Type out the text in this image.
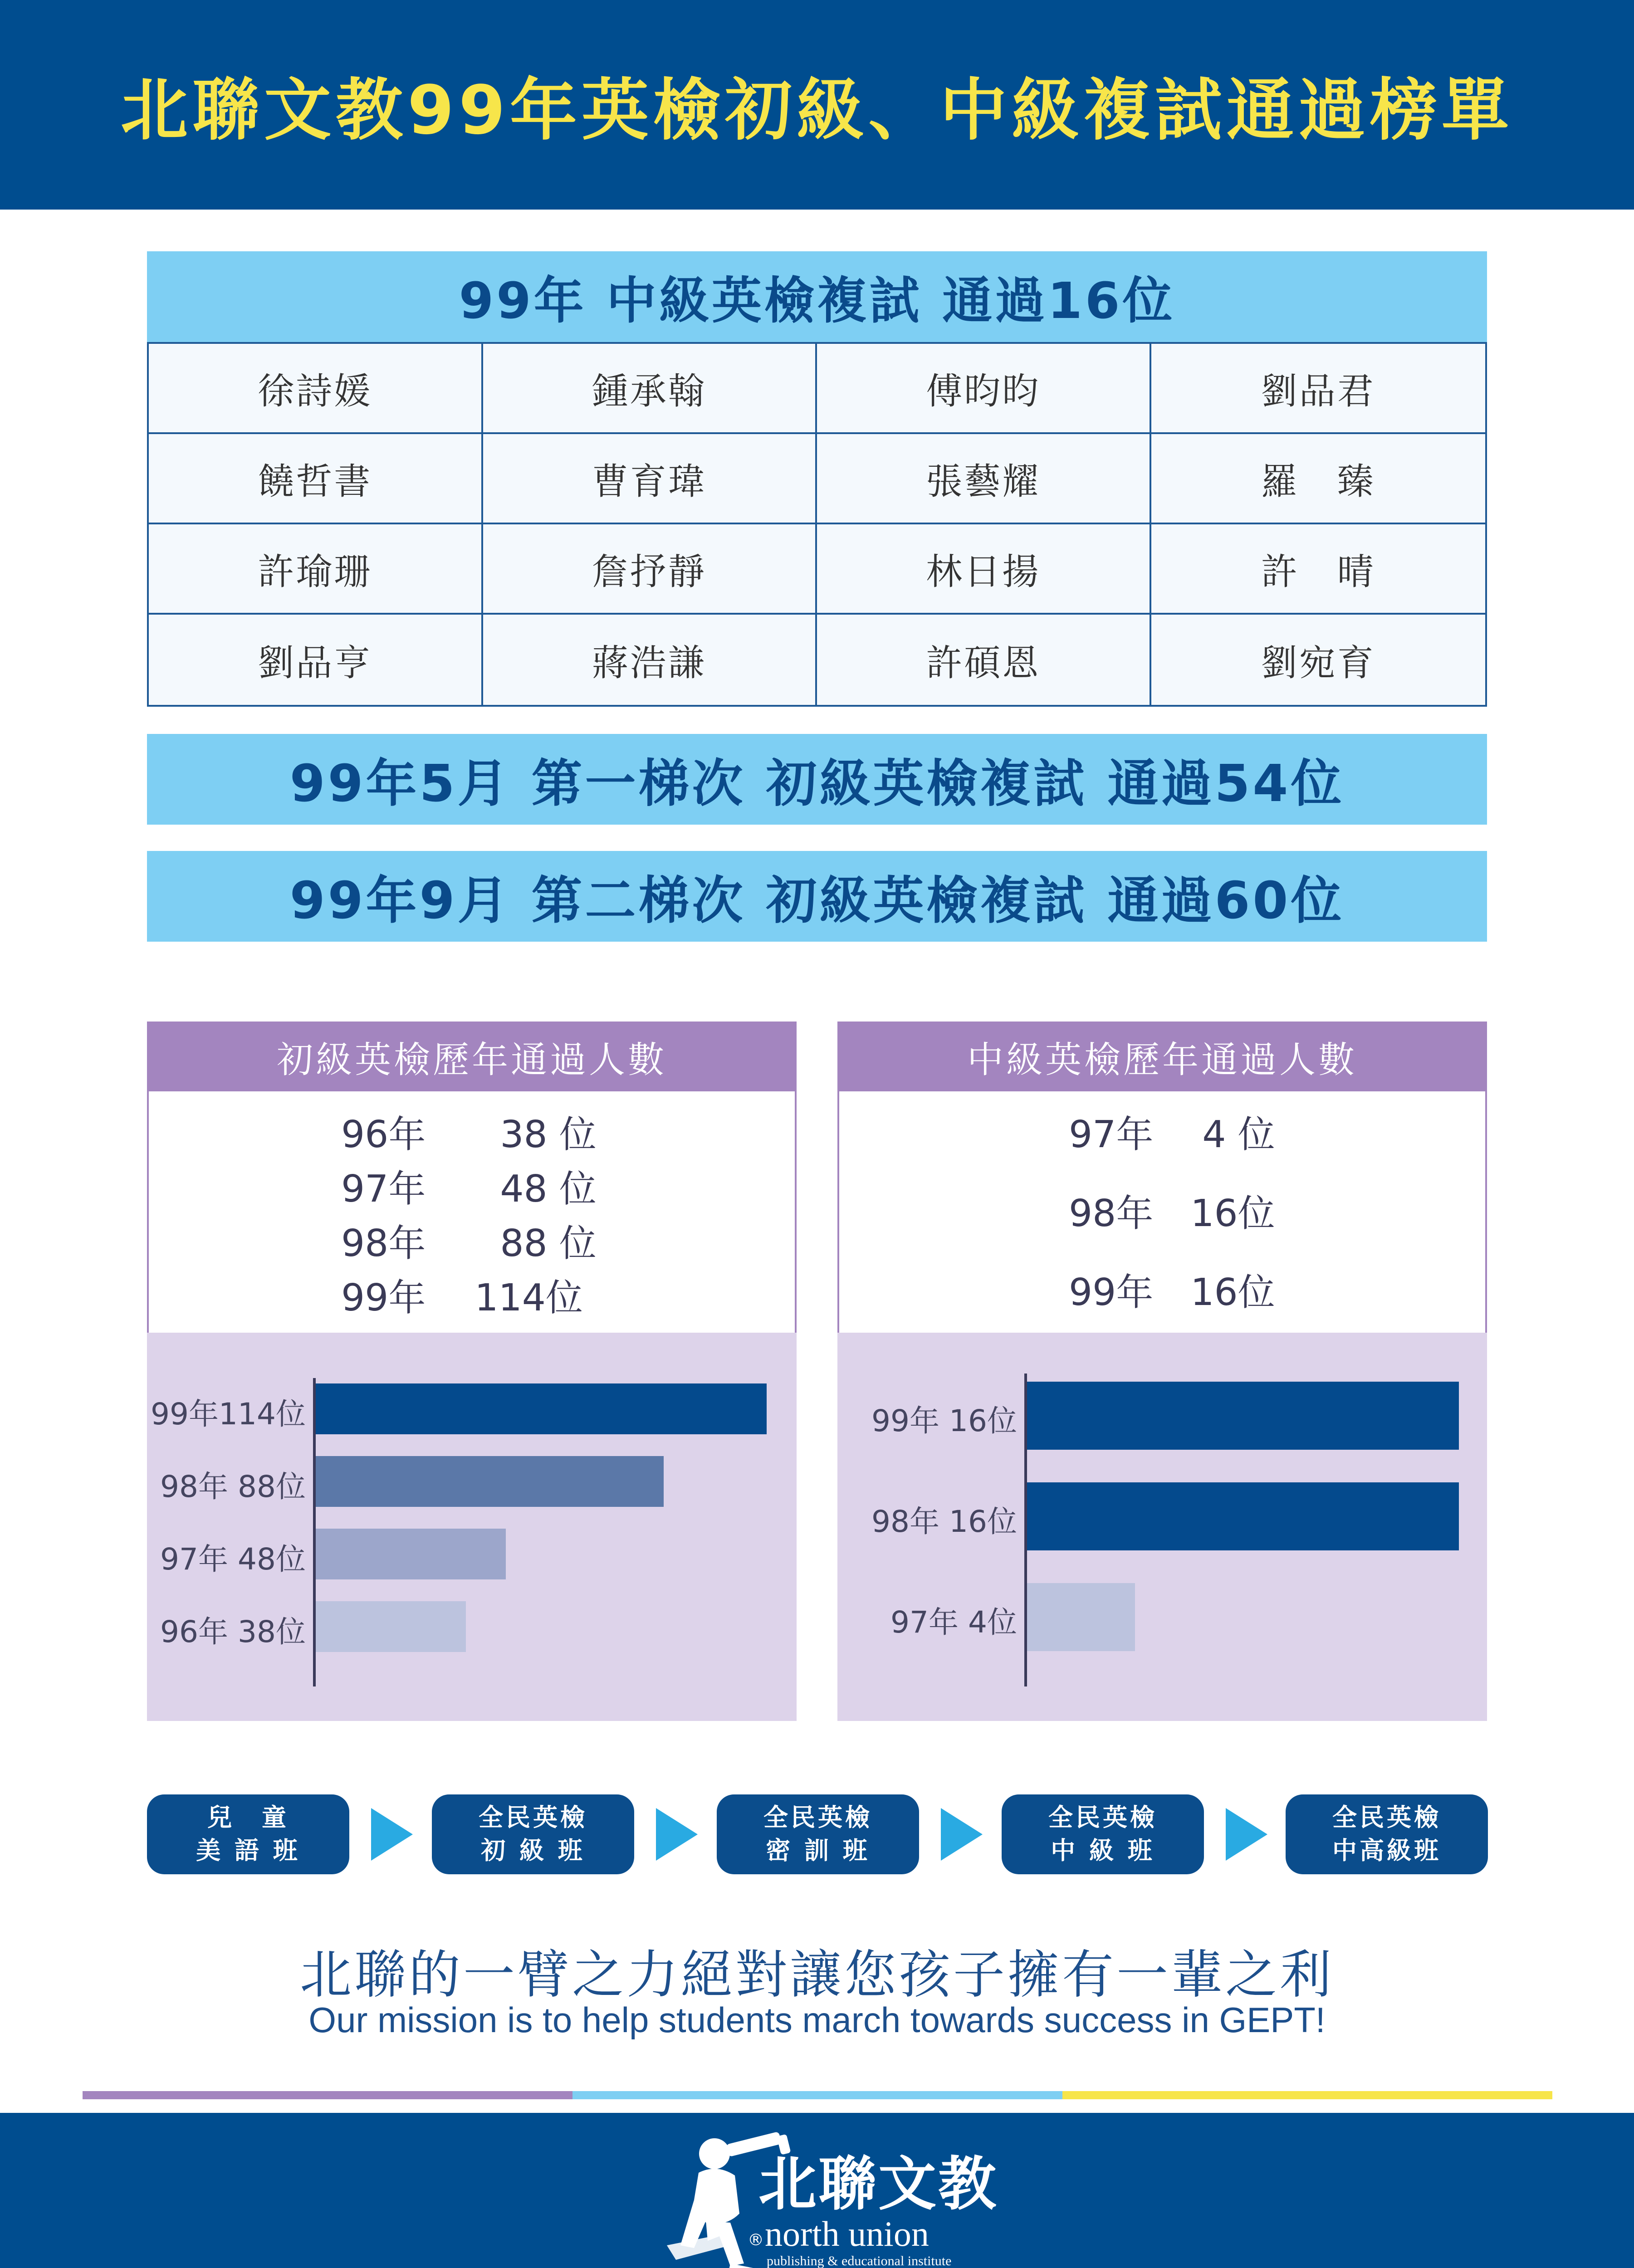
北聯文教99年英檢初級、中級複試通過榜單
99年 中級英檢複試 通過16位
徐詩媛	鍾承翰	傅昀昀	劉品君
饒哲書	曹育瑋	張藝耀	羅　臻
許瑜珊	詹抒靜	林日揚	許　晴
劉品亨	蔣浩謙	許碩恩	劉宛育
99年5月 第一梯次 初級英檢複試 通過54位
99年9月 第二梯次 初級英檢複試 通過60位
初級英檢歷年通過人數
96年　　38 位
97年　　48 位
98年　　88 位
99年　 114位
99年114位
98年 88位
97年 48位
96年 38位
中級英檢歷年通過人數
97年　 4 位
98年　16位
99年　16位
99年 16位
98年 16位
97年 4位
兒　童
美 語 班
全民英檢
初 級 班
全民英檢
密 訓 班
全民英檢
中 級 班
全民英檢
中高級班
北聯的一臂之力絕對讓您孩子擁有一輩之利
Our mission is to help students march towards success in GEPT!
北聯文教
® north union
publishing & educational institute
